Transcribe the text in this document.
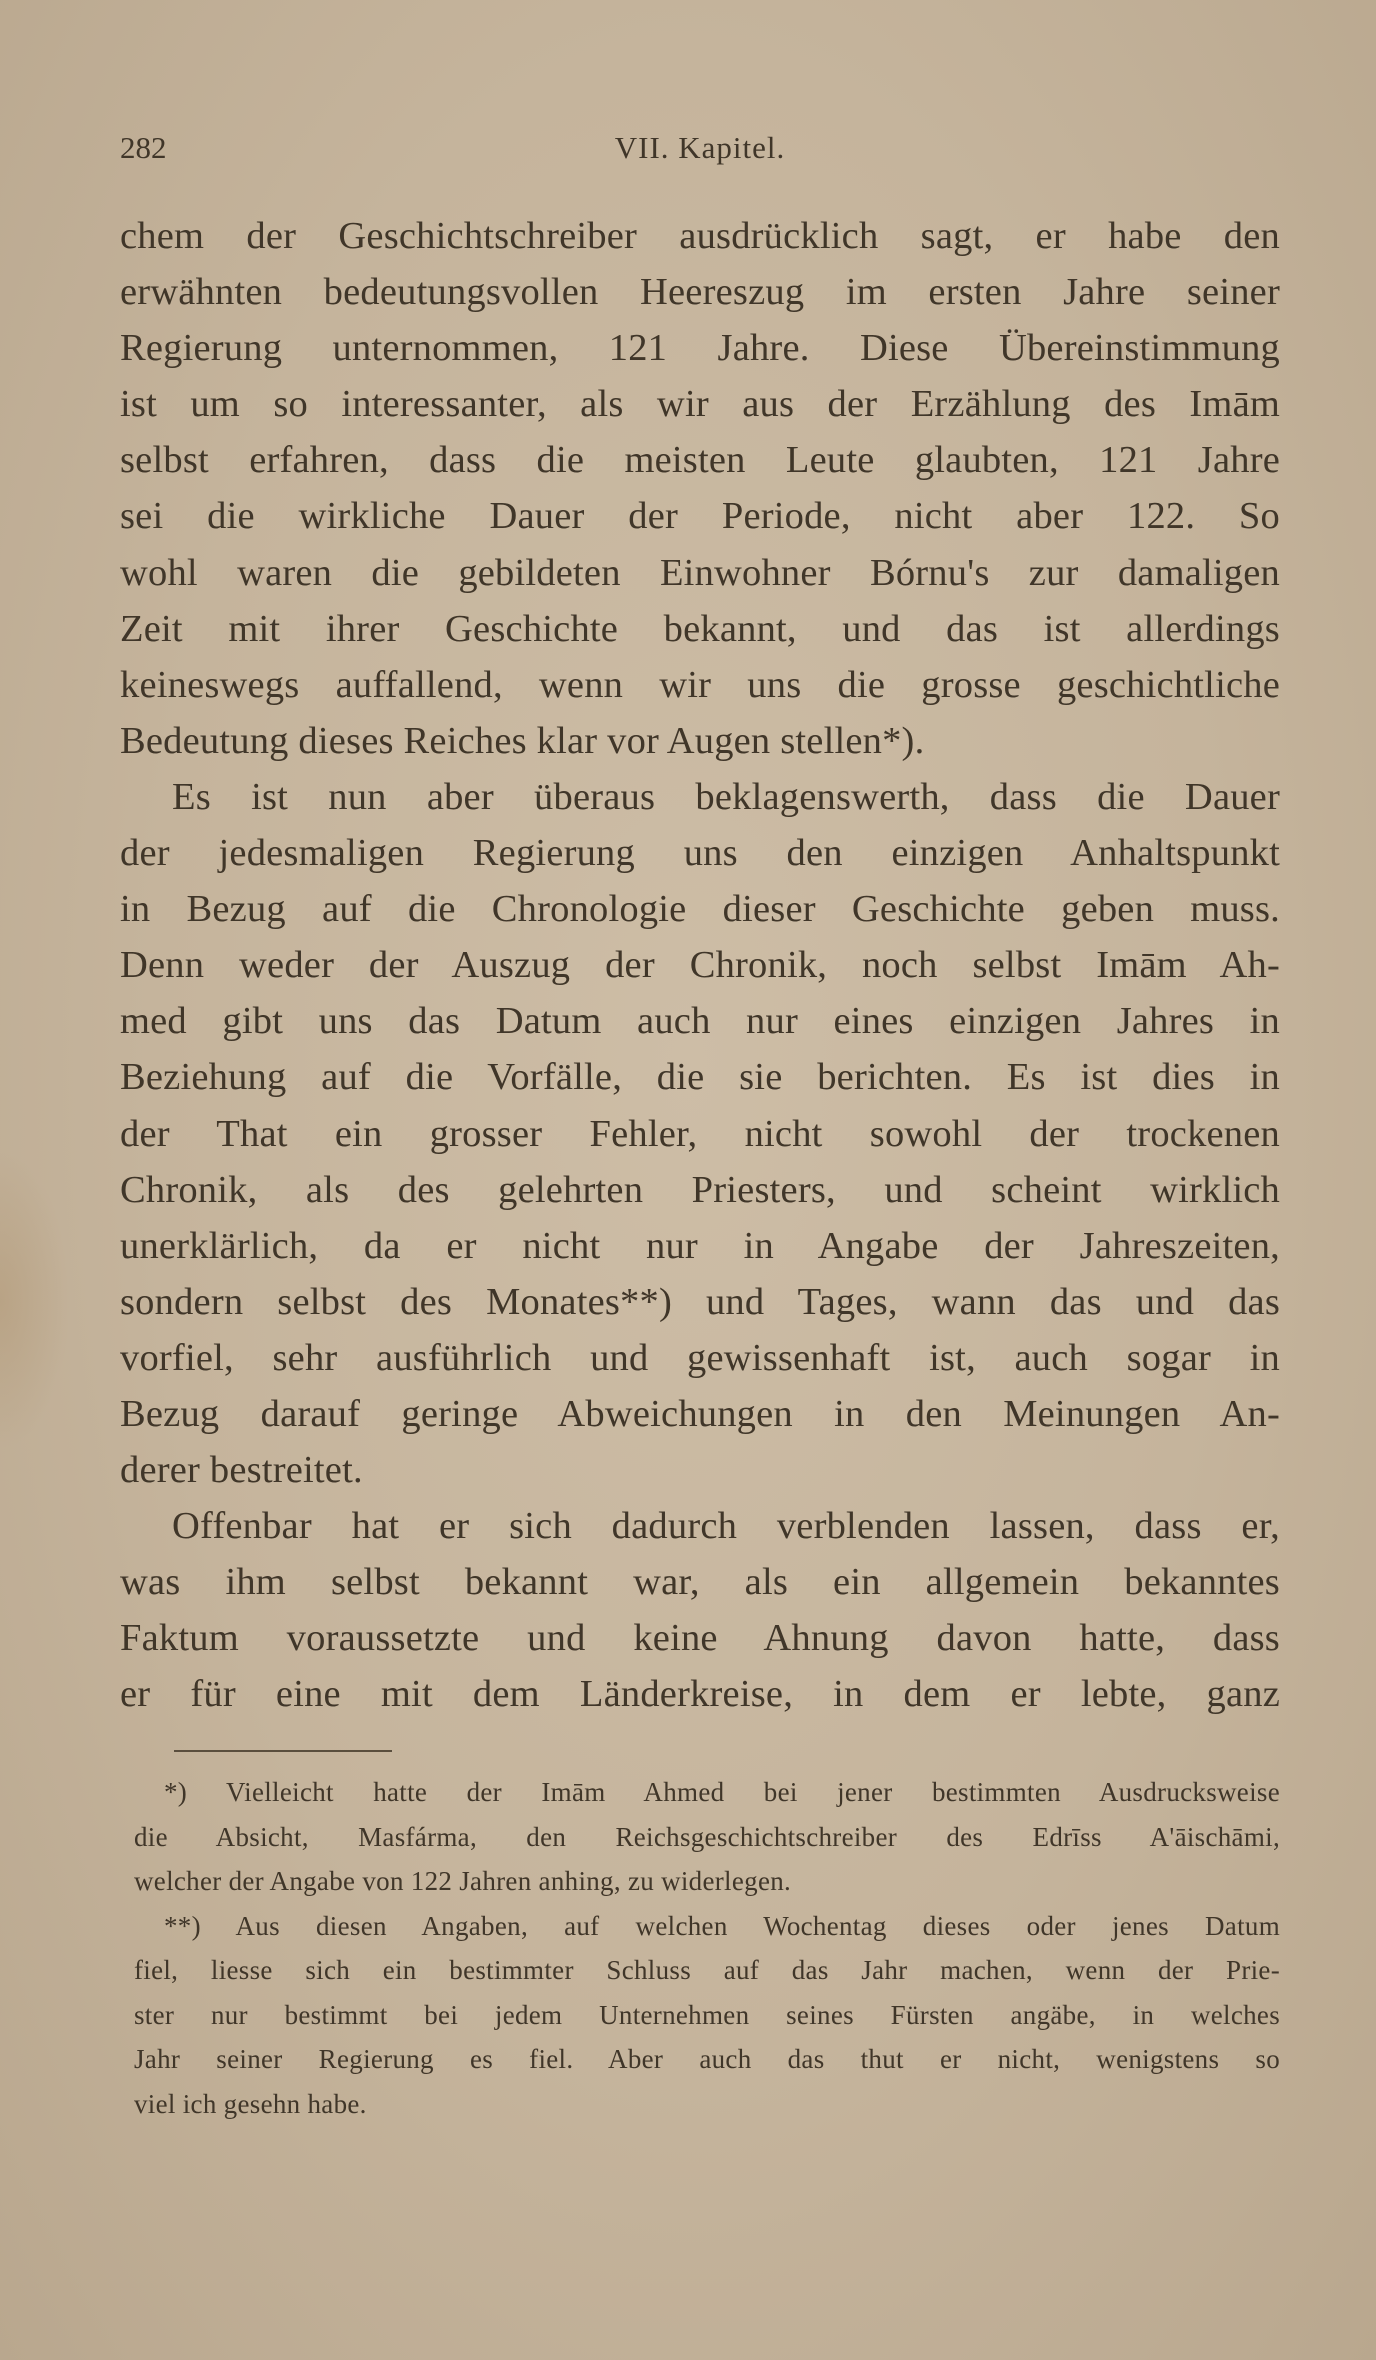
282	VII. Kapitel.
chem der Geschichtschreiber ausdrücklich sagt, er habe den
erwähnten bedeutungsvollen Heereszug im ersten Jahre seiner
Regierung unternommen, 121 Jahre. Diese Übereinstimmung
ist um so interessanter, als wir aus der Erzählung des Imām
selbst erfahren, dass die meisten Leute glaubten, 121 Jahre
sei die wirkliche Dauer der Periode, nicht aber 122. So
wohl waren die gebildeten Einwohner Bórnu's zur damaligen
Zeit mit ihrer Geschichte bekannt, und das ist allerdings
keineswegs auffallend, wenn wir uns die grosse geschichtliche
Bedeutung dieses Reiches klar vor Augen stellen*).
Es ist nun aber überaus beklagenswerth, dass die Dauer
der jedesmaligen Regierung uns den einzigen Anhaltspunkt
in Bezug auf die Chronologie dieser Geschichte geben muss.
Denn weder der Auszug der Chronik, noch selbst Imām Ah-
med gibt uns das Datum auch nur eines einzigen Jahres in
Beziehung auf die Vorfälle, die sie berichten. Es ist dies in
der That ein grosser Fehler, nicht sowohl der trockenen
Chronik, als des gelehrten Priesters, und scheint wirklich
unerklärlich, da er nicht nur in Angabe der Jahreszeiten,
sondern selbst des Monates**) und Tages, wann das und das
vorfiel, sehr ausführlich und gewissenhaft ist, auch sogar in
Bezug darauf geringe Abweichungen in den Meinungen An-
derer bestreitet.
Offenbar hat er sich dadurch verblenden lassen, dass er,
was ihm selbst bekannt war, als ein allgemein bekanntes
Faktum voraussetzte und keine Ahnung davon hatte, dass
er für eine mit dem Länderkreise, in dem er lebte, ganz
*) Vielleicht hatte der Imām Ahmed bei jener bestimmten Ausdrucksweise
die Absicht, Masfárma, den Reichsgeschichtschreiber des Edrīss A'āischāmi,
welcher der Angabe von 122 Jahren anhing, zu widerlegen.
**) Aus diesen Angaben, auf welchen Wochentag dieses oder jenes Datum
fiel, liesse sich ein bestimmter Schluss auf das Jahr machen, wenn der Prie-
ster nur bestimmt bei jedem Unternehmen seines Fürsten angäbe, in welches
Jahr seiner Regierung es fiel. Aber auch das thut er nicht, wenigstens so
viel ich gesehn habe.
